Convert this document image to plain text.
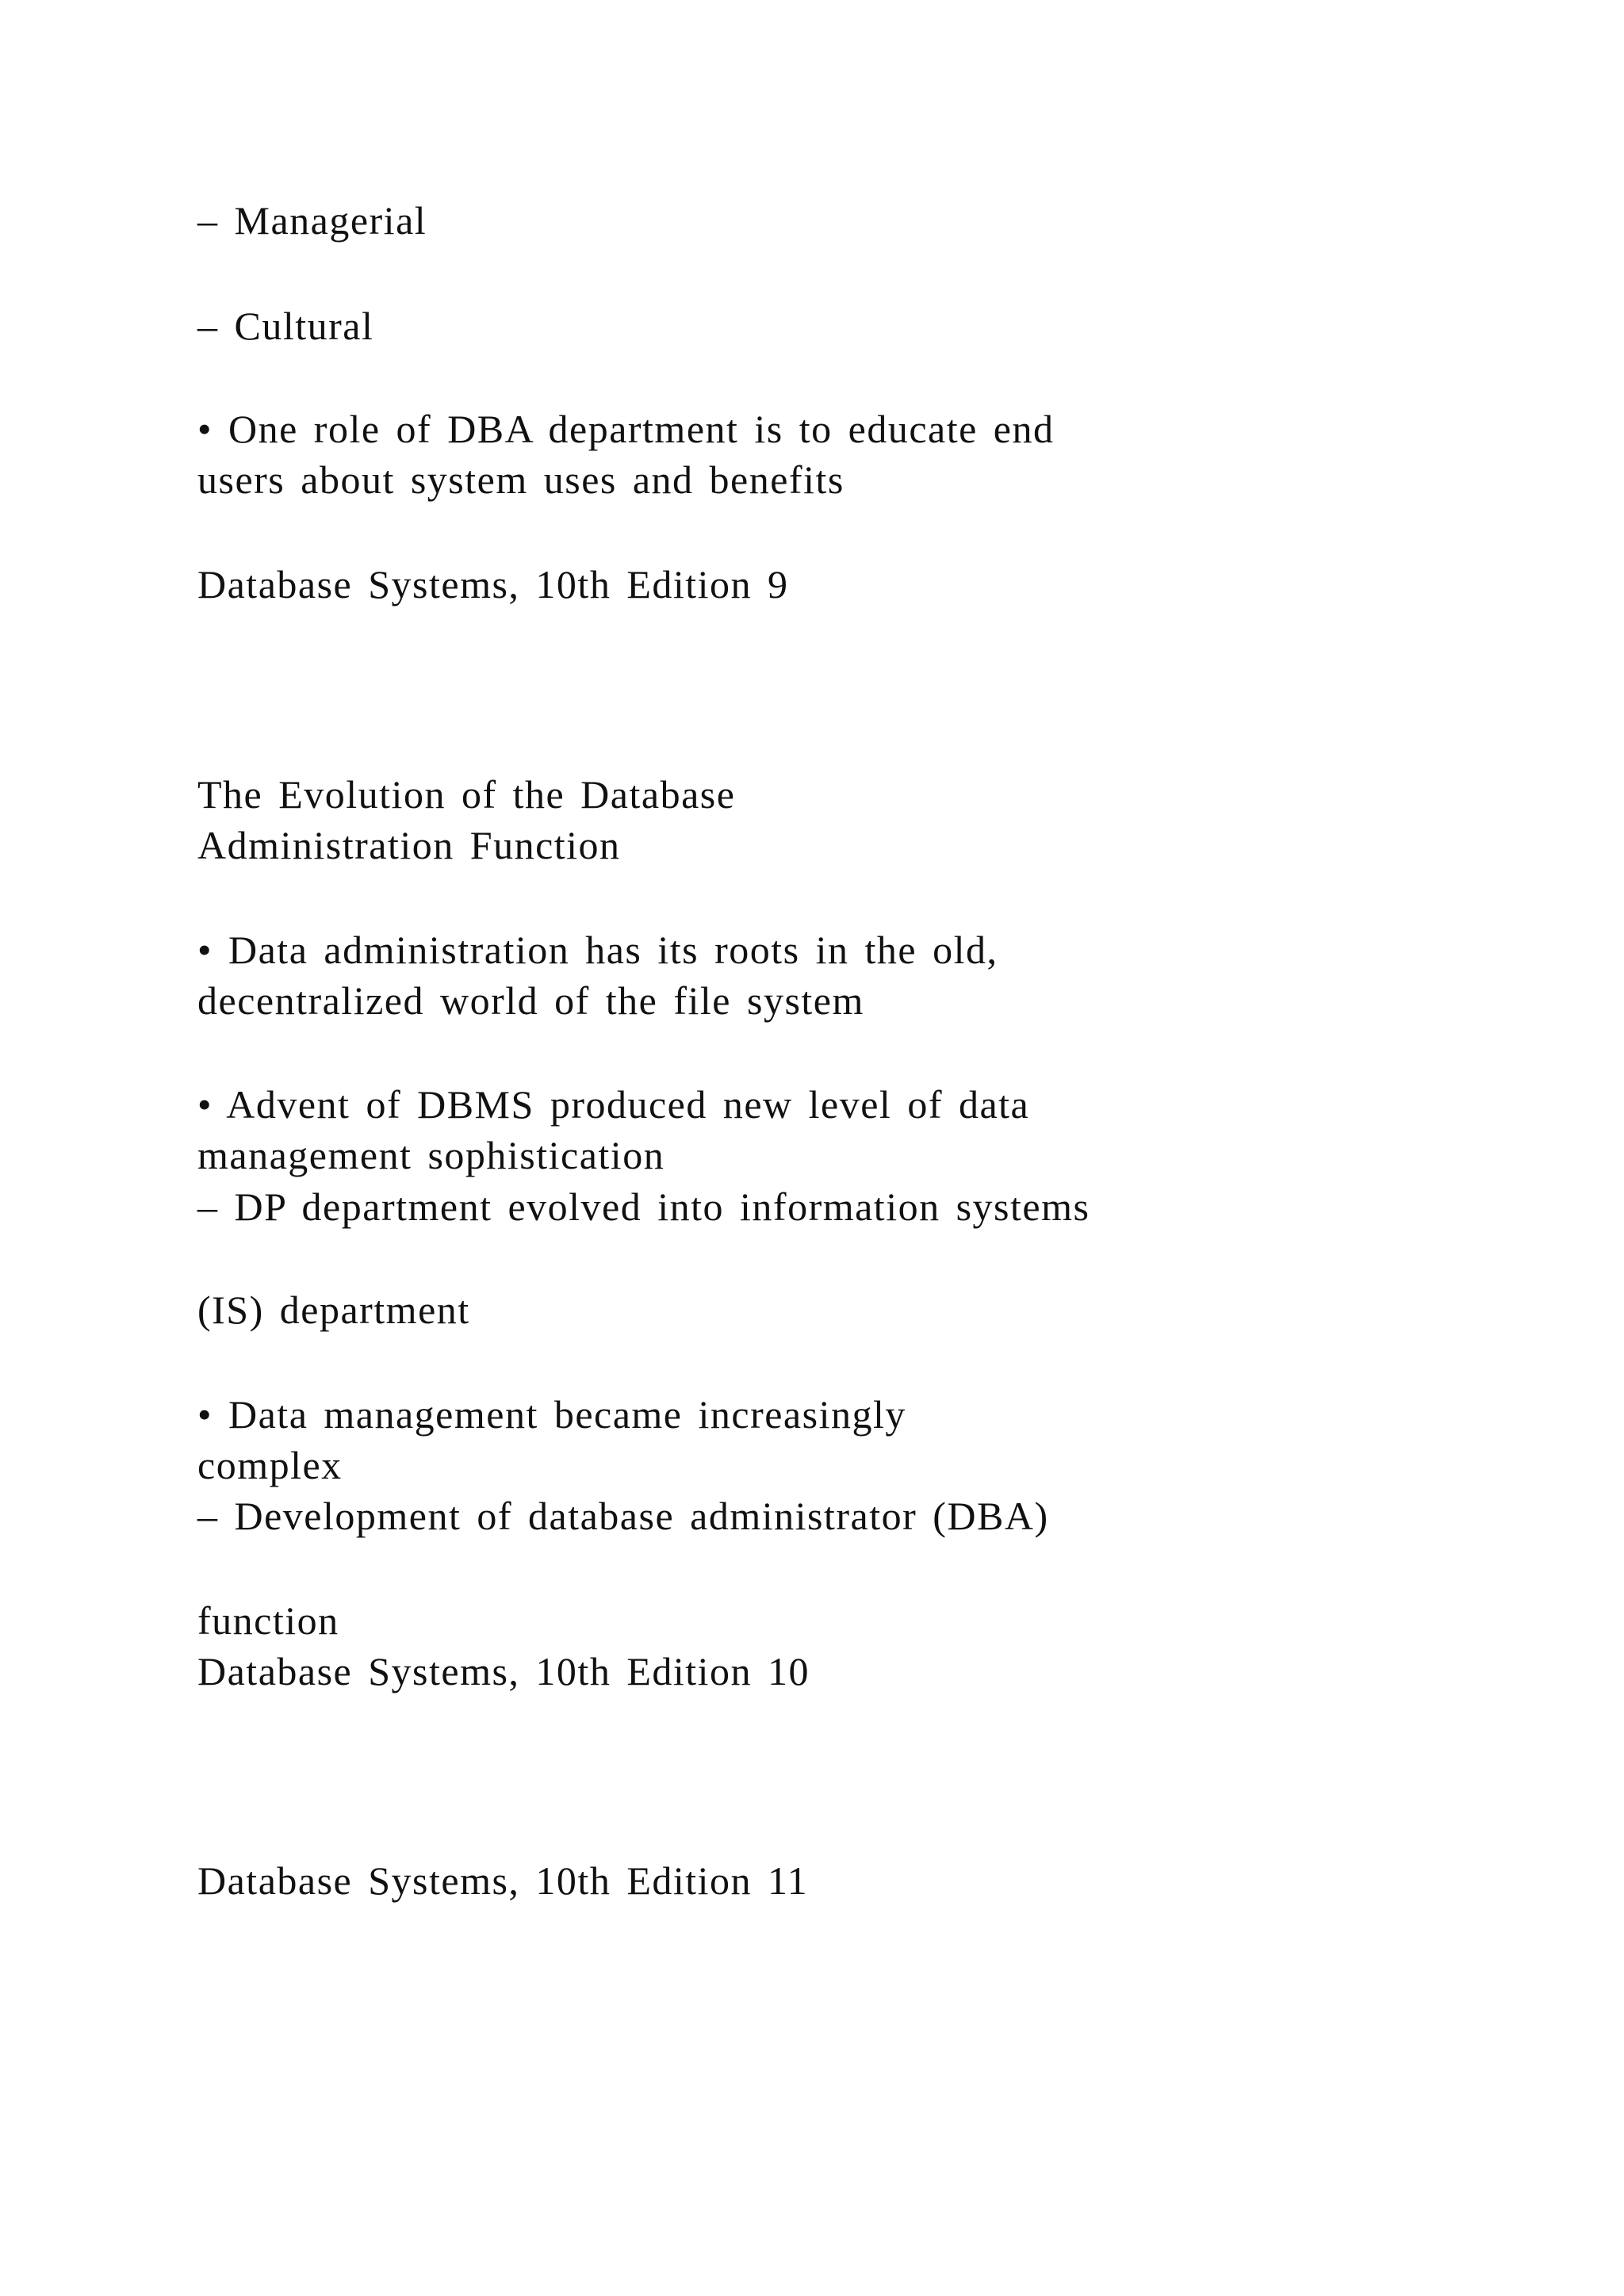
– Managerial

– Cultural

• One role of DBA department is to educate end

users about system uses and benefits

Database Systems, 10th Edition 9

The Evolution of the Database

Administration Function

• Data administration has its roots in the old,

decentralized world of the file system

• Advent of DBMS produced new level of data

management sophistication

– DP department evolved into information systems

(IS) department

• Data management became increasingly

complex

– Development of database administrator (DBA)

function

Database Systems, 10th Edition 10

Database Systems, 10th Edition 11
